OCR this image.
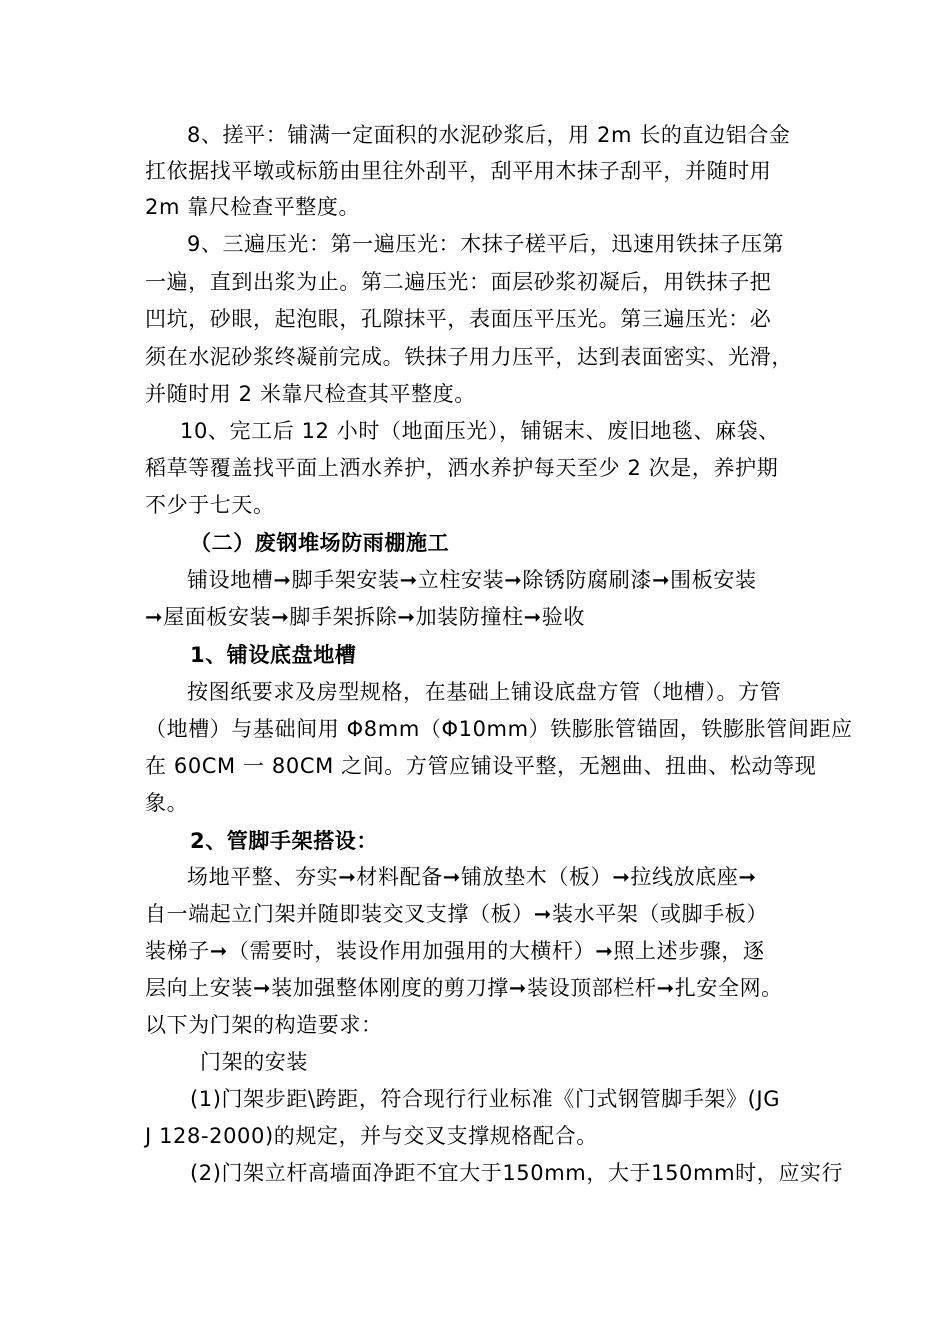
8、搓平：铺满一定面积的水泥砂浆后，用 2m 长的直边铝合金
扛依据找平墩或标筋由里往外刮平，刮平用木抹子刮平，并随时用
2m 靠尺检查平整度。
9、三遍压光：第一遍压光：木抹子槎平后，迅速用铁抹子压第
一遍，直到出浆为止。第二遍压光：面层砂浆初凝后，用铁抹子把
凹坑，砂眼，起泡眼，孔隙抹平，表面压平压光。第三遍压光：必
须在水泥砂浆终凝前完成。铁抹子用力压平，达到表面密实、光滑，
并随时用 2 米靠尺检查其平整度。
10、完工后 12 小时（地面压光），铺锯末、废旧地毯、麻袋、
稻草等覆盖找平面上洒水养护，洒水养护每天至少 2 次是，养护期
不少于七天。
（二）废钢堆场防雨棚施工
铺设地槽➞脚手架安装➞立柱安装➞除锈防腐刷漆➞围板安装
➞屋面板安装➞脚手架拆除➞加装防撞柱➞验收
1、铺设底盘地槽
按图纸要求及房型规格，在基础上铺设底盘方管（地槽）。方管
（地槽）与基础间用 Φ8mm（Φ10mm）铁膨胀管锚固，铁膨胀管间距应
在 60CM 一 80CM 之间。方管应铺设平整，无翘曲、扭曲、松动等现
象。
2、管脚手架搭设：
场地平整、夯实➞材料配备➞铺放垫木（板）➞拉线放底座➞
自一端起立门架并随即装交叉支撑（板）➞装水平架（或脚手板）
装梯子➞（需要时，装设作用加强用的大横杆）➞照上述步骤，逐
层向上安装➞装加强整体刚度的剪刀撑➞装设顶部栏杆➞扎安全网。
以下为门架的构造要求：
门架的安装
(1)门架步距\跨距，符合现行行业标准《门式钢管脚手架》(JG
J 128-2000)的规定，并与交叉支撑规格配合。
(2)门架立杆高墙面净距不宜大于150mm，大于150mm时，应实行
